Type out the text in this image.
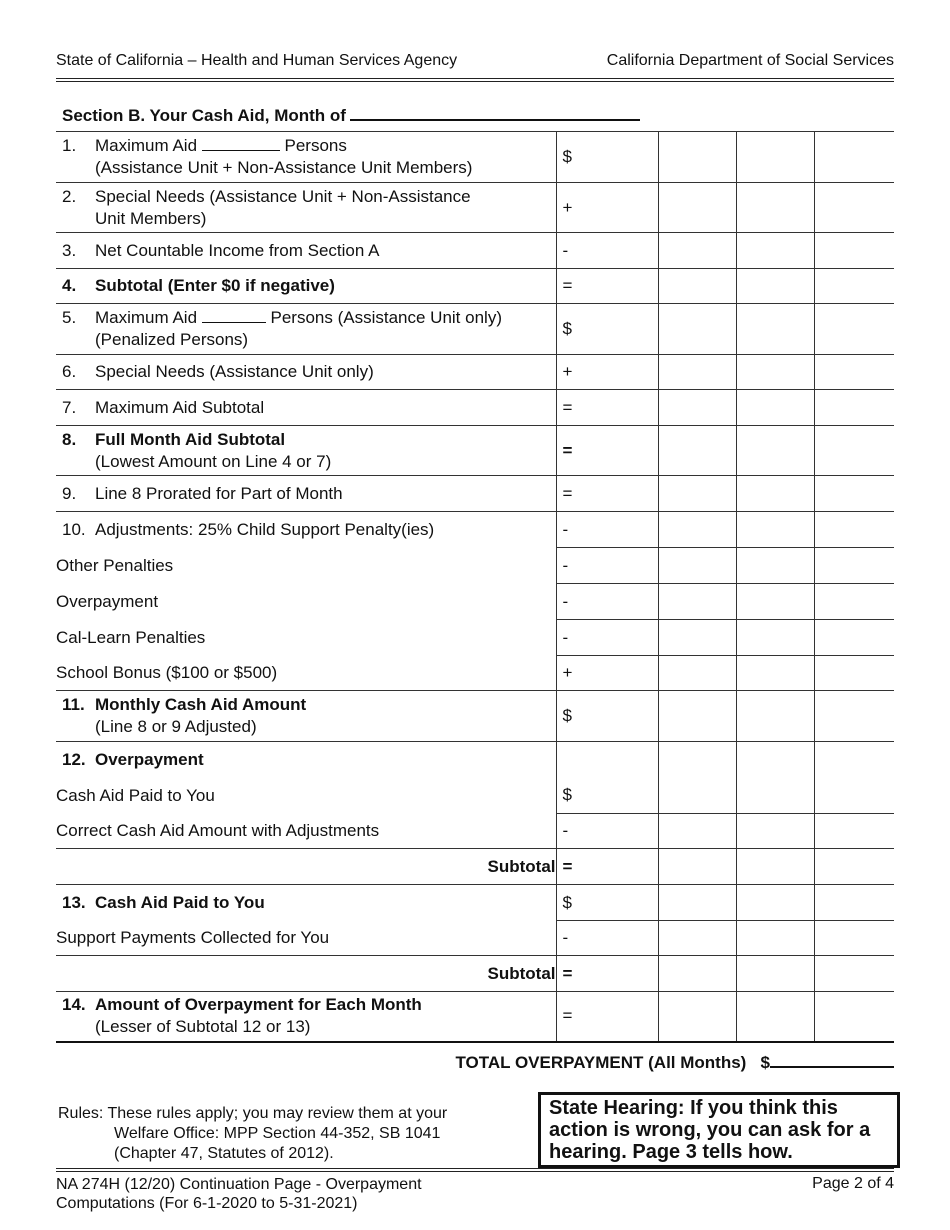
State of California – Health and Human Services Agency	California Department of Social Services
Section B. Your Cash Aid, Month of
1. Maximum Aid Persons
(Assistance Unit + Non-Assistance Unit Members)	$			

2. Special Needs (Assistance Unit + Non-Assistance
Unit Members)	+			

3. Net Countable Income from Section A	-			

4. Subtotal (Enter $0 if negative)	=			

5. Maximum Aid Persons (Assistance Unit only)
(Penalized Persons)	$			

6. Special Needs (Assistance Unit only)	+			

7. Maximum Aid Subtotal	=			

8. Full Month Aid Subtotal
(Lowest Amount on Line 4 or 7)	=			

9. Line 8 Prorated for Part of Month	=			

10. Adjustments: 25% Child Support Penalty(ies)	-			
Other Penalties	-			
Overpayment	-			
Cal-Learn Penalties	-			
School Bonus ($100 or $500)	+			

11. Monthly Cash Aid Amount
(Line 8 or 9 Adjusted)	$			

12. Overpayment				

Cash Aid Paid to You	$			
Correct Cash Aid Amount with Adjustments	-			
Subtotal	=			

13. Cash Aid Paid to You	$			
Support Payments Collected for You	-			
Subtotal	=			

14. Amount of Overpayment for Each Month
(Lesser of Subtotal 12 or 13)	=			
TOTAL OVERPAYMENT (All Months) $
Rules: These rules apply; you may review them at your
Welfare Office: MPP Section 44-352, SB 1041
(Chapter 47, Statutes of 2012).
State Hearing: If you think this action is wrong, you can ask for a hearing. Page 3 tells how.
NA 274H (12/20) Continuation Page - Overpayment
Computations (For 6-1-2020 to 5-31-2021)
Page 2 of 4
